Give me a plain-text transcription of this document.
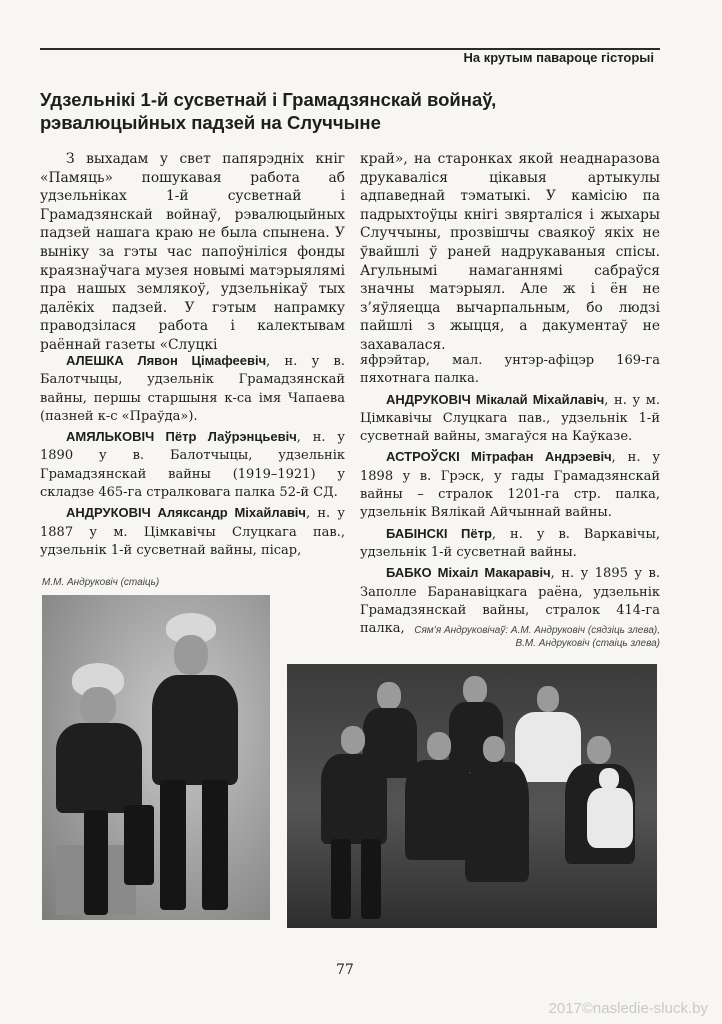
На крутым павароце гісторыі
Удзельнікі 1-й сусветнай і Грамадзянскай войнаў, рэвалюцыйных падзей на Случчыне
З выхадам у свет папярэдніх кніг «Памяць» пошукавая работа аб удзельніках 1-й сусветнай і Грамадзянскай войнаў, рэвалюцыйных падзей нашага краю не была спынена. У выніку за гэты час папоўніліся фонды краязнаўчага музея новымі матэрыялямі пра нашых землякоў, удзельнікаў тых далёкіх падзей. У гэтым напрамку праводзілася работа і калектывам раённай газеты «Слуцкі
край», на старонках якой неаднаразова друкаваліся цікавыя артыкулы адпаведнай тэматыкі. У камісію па падрыхтоўцы кнігі звярталіся і жыхары Случчыны, прозвішчы сваякоў якіх не ўвайшлі ў раней надрукаваныя спісы. Агульнымі намаганнямі сабраўся значны матэрыял. Але ж і ён не з’яўляецца вычарпальным, бо людзі пайшлі з жыцця, а дакументаў не захавалася.

АЛЕШКА Лявон Цімафеевіч, н. у в. Балотчыцы, удзельнік Грамадзянскай вайны, першы старшыня к-са імя Чапаева (пазней к-с «Праўда»).

АМЯЛЬКОВІЧ Пётр Лаўрэнцьевіч, н. у 1890 у в. Балотчыцы, удзельнік Грамадзянскай вайны (1919–1921) у складзе 465-га стралковага палка 52-й СД.

АНДРУКОВІЧ Аляксандр Міхайлавіч, н. у 1887 у м. Цімкавічы Слуцкага пав., удзельнік 1-й сусветнай вайны, пісар,

яфрэйтар, мал. унтэр-афіцэр 169-га пяхотнага палка.

АНДРУКОВІЧ Мікалай Міхайлавіч, н. у м. Цімкавічы Слуцкага пав., удзельнік 1-й сусветнай вайны, змагаўся на Каўказе.

АСТРОЎСКІ Мітрафан Андрэевіч, н. у 1898 у в. Грэск, у гады Грамадзянскай вайны – стралок 1201-га стр. палка, удзельнік Вялікай Айчыннай вайны.

БАБІНСКІ Пётр, н. у в. Варкавічы, удзельнік 1-й сусветнай вайны.

БАБКО Міхаіл Макаравіч, н. у 1895 у в. Заполле Баранавіцкага раёна, удзельнік Грамадзянскай вайны, стралок 414-га палка,

М.М. Андруковіч (стаіць)
Сям’я Андруковічаў: А.М. Андруковіч (сядзіць злева),
В.М. Андруковіч (стаіць злева)
77
2017©nasledie-sluck.by
